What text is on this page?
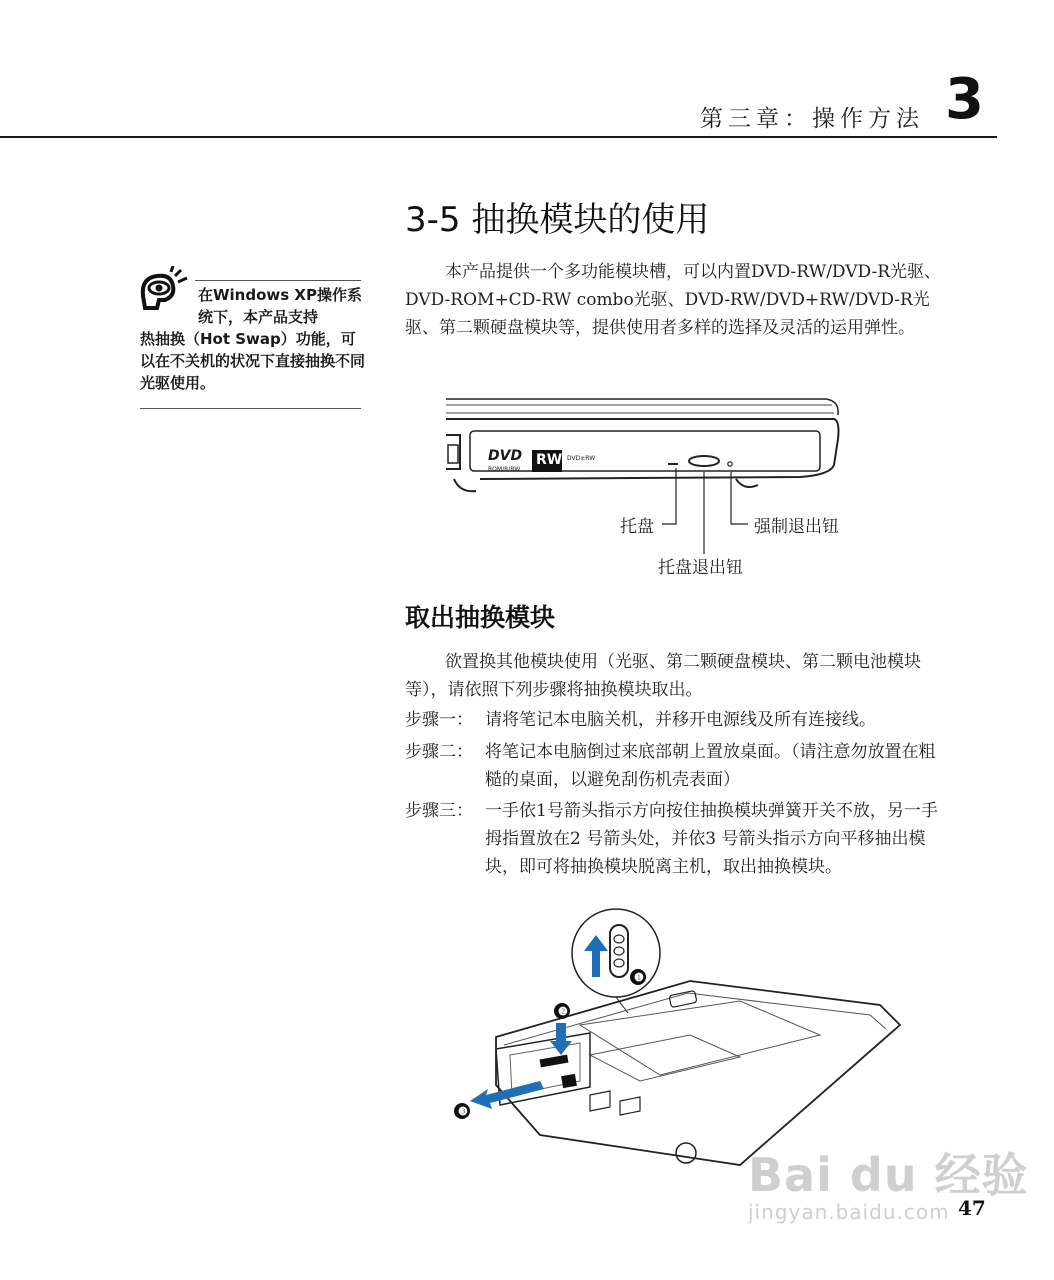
第三章：操作方法 3
3-5 抽换模块的使用
在Windows XP操作系统下，本产品支持
热抽换（Hot Swap）功能，可以在不关机的状况下直接抽换不同光驱使用。
本产品提供一个多功能模块槽，可以内置DVD-RW/DVD-R光驱、DVD-ROM+CD-RW combo光驱、DVD-RW/DVD+RW/DVD-R光驱、第二颗硬盘模块等，提供使用者多样的选择及灵活的运用弹性。
DVD
ROM/R/RW
RW DVD±RW
托盘	强制退出钮
托盘退出钮
取出抽换模块
欲置换其他模块使用（光驱、第二颗硬盘模块、第二颗电池模块等），请依照下列步骤将抽换模块取出。
步骤一： 请将笔记本电脑关机，并移开电源线及所有连接线。
步骤二： 将笔记本电脑倒过来底部朝上置放桌面。（请注意勿放置在粗糙的桌面，以避免刮伤机壳表面）
步骤三： 一手依1号箭头指示方向按住抽换模块弹簧开关不放，另一手拇指置放在2 号箭头处，并依3 号箭头指示方向平移抽出模块，即可将抽换模块脱离主机，取出抽换模块。
❶
❷
❸
Bai du 经验
jingyan.baidu.com 47
